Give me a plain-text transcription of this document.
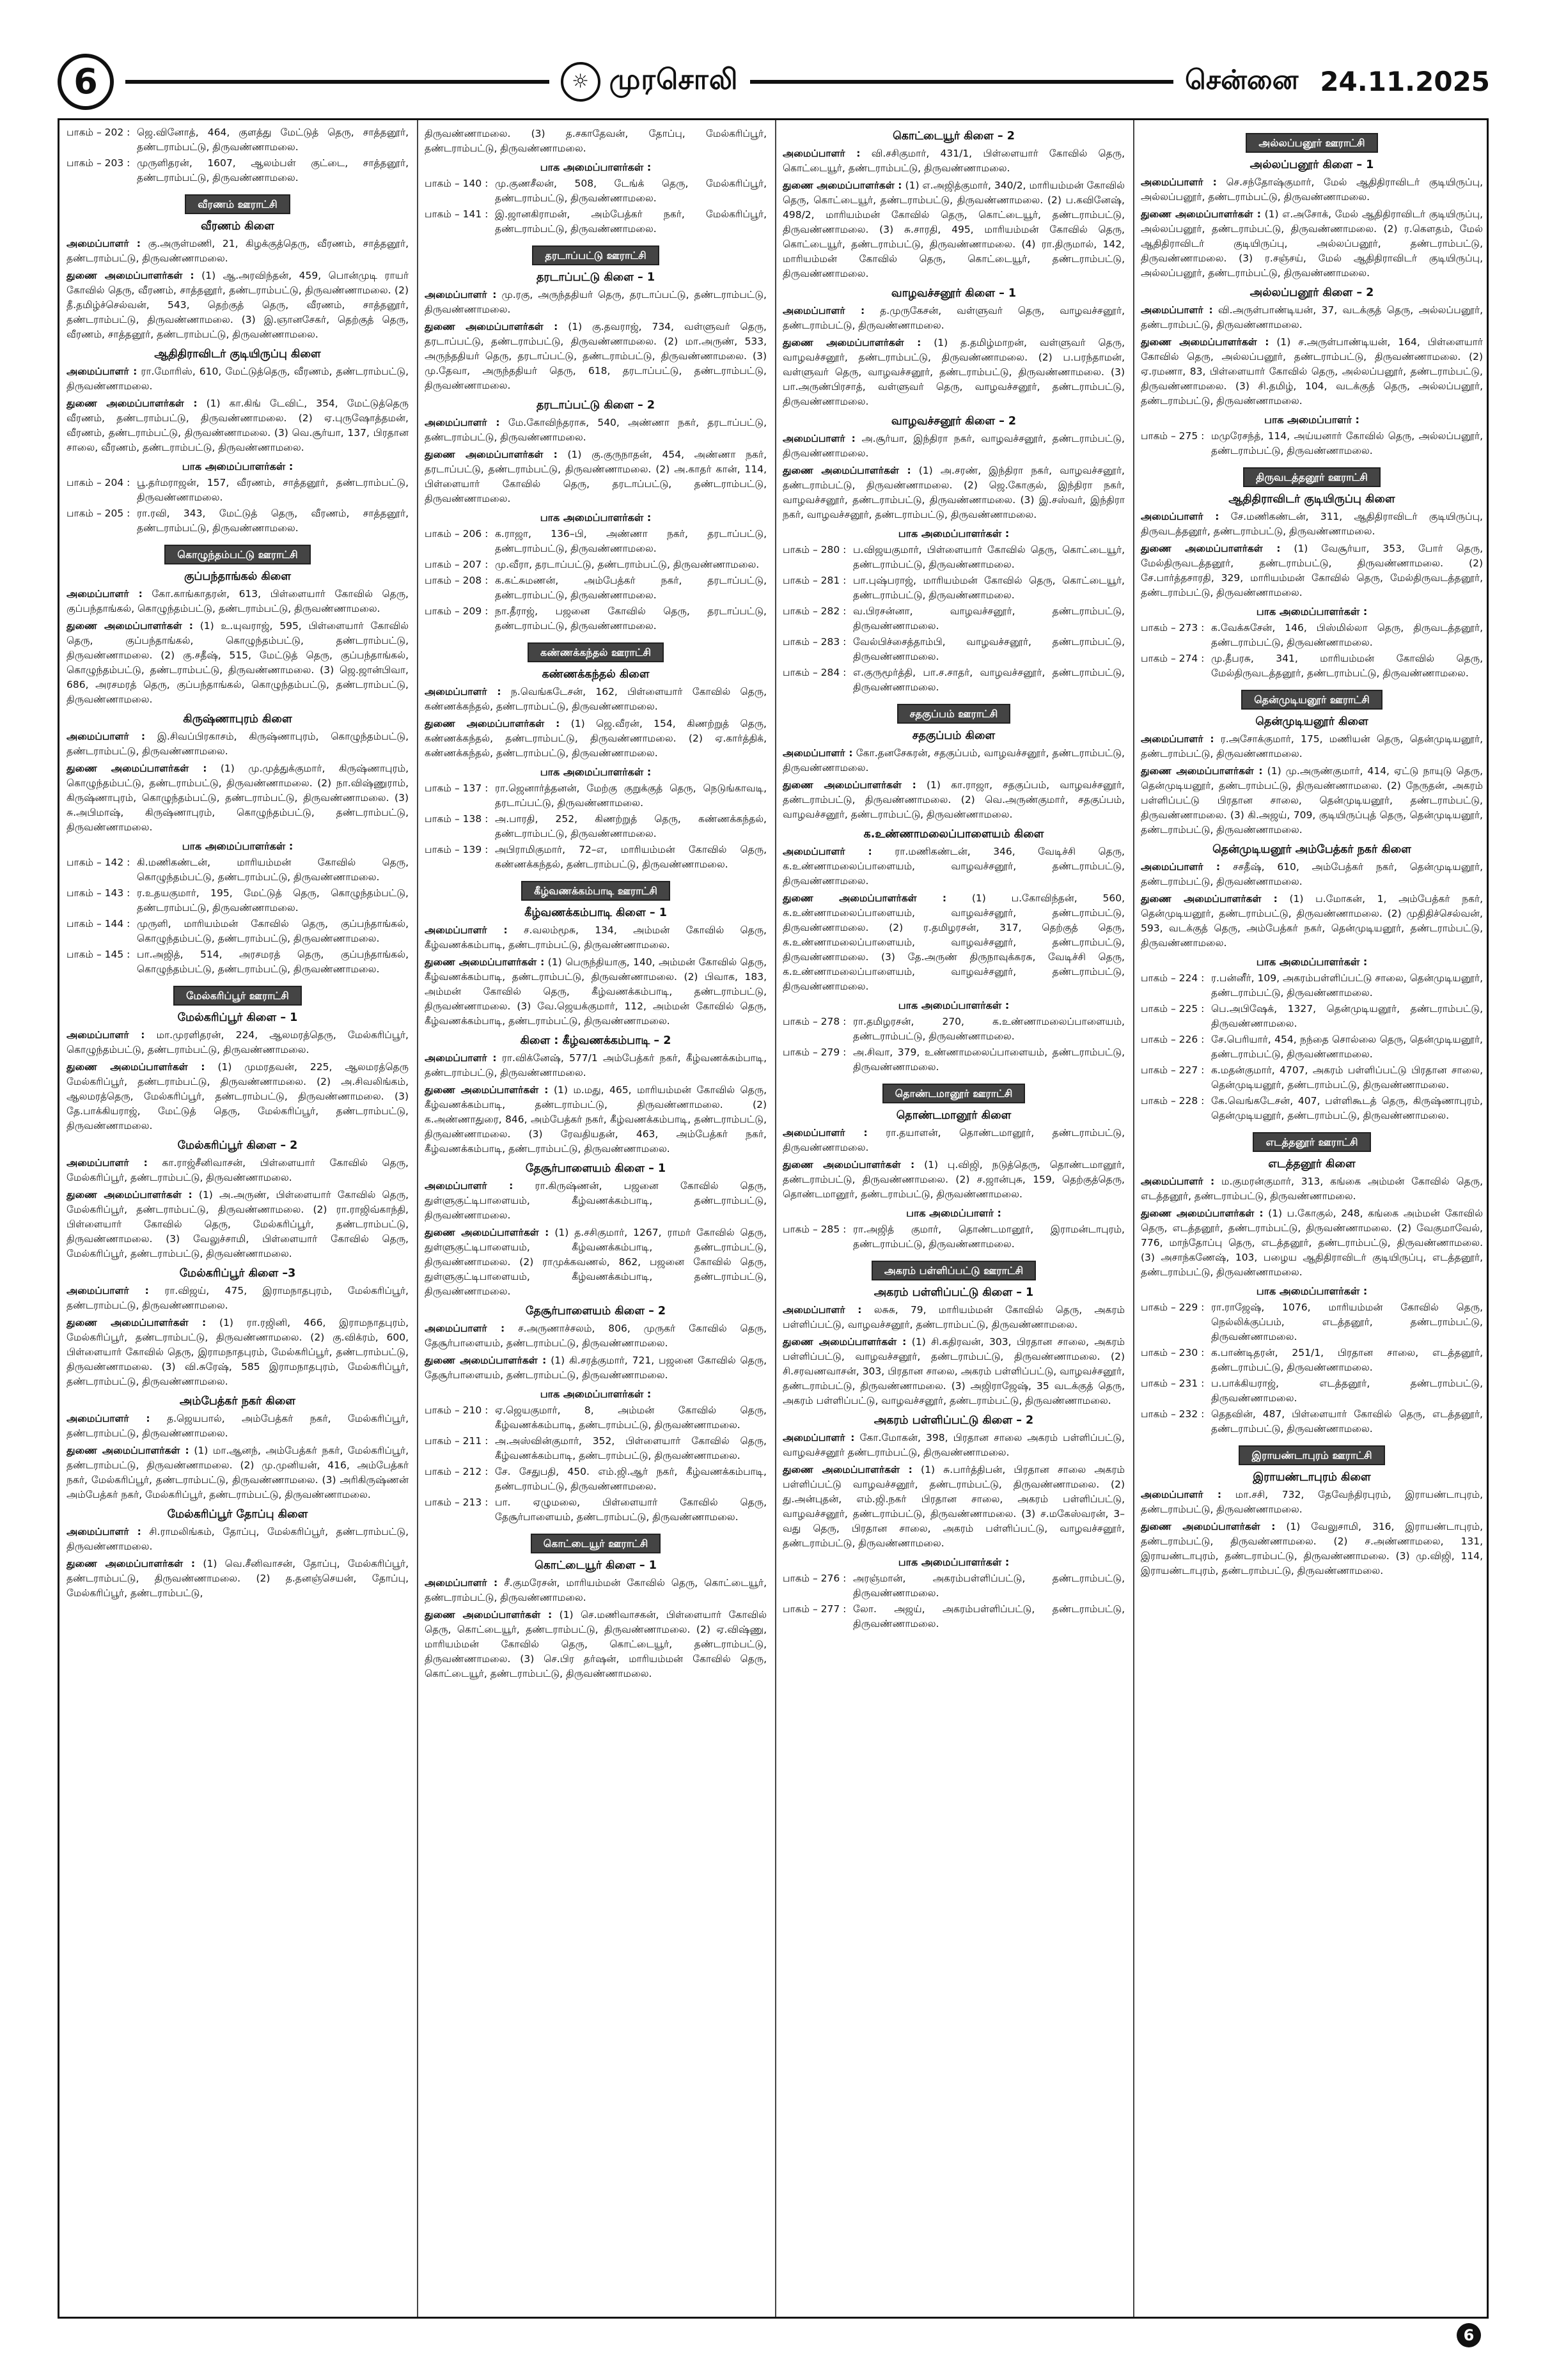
6	☼ முரசொலி	சென்னை 24.11.2025
பாகம் – 202 : ஜெ.வினோத், 464, குளத்து மேட்டுத் தெரு, சாத்தனூர், தண்டராம்பட்டு, திருவண்ணாமலை.
பாகம் – 203 : முருளிதரன், 1607, ஆலம்பள் குட்டை, சாத்தனூர், தண்டராம்பட்டு, திருவண்ணாமலை.
வீரணம் ஊராட்சி
வீரணம் கிளை
அமைப்பாளர் : கு.அருள்மணி, 21, கிழக்குத்தெரு, வீரணம், சாத்தனூர், தண்டராம்பட்டு, திருவண்ணாமலை.
துணை அமைப்பாளர்கள் : (1) ஆ.அரவிந்தன், 459, பொன்முடி ராயர் கோவில் தெரு, வீரணம், சாத்தனூர், தண்டராம்பட்டு, திருவண்ணாமலை. (2) தீ.தமிழ்ச்செல்வன், 543, தெற்குத் தெரு, வீரணம், சாத்தனூர், தண்டராம்பட்டு, திருவண்ணாமலை. (3) இ.ஞானசேகர், தெற்குத் தெரு, வீரணம், சாத்தனூர், தண்டராம்பட்டு, திருவண்ணாமலை.
ஆதிதிராவிடர் குடியிருப்பு கிளை
அமைப்பாளர் : ரா.மோரிஸ், 610, மேட்டுத்தெரு, வீரணம், தண்டராம்பட்டு, திருவண்ணாமலை.
துணை அமைப்பாளர்கள் : (1) கா.கிங் டேவிட், 354, மேட்டுத்தெரு வீரணம், தண்டராம்பட்டு, திருவண்ணாமலை. (2) ஏ.புருஷோத்தமன், வீரணம், தண்டராம்பட்டு, திருவண்ணாமலை. (3) வெ.சூர்யா, 137, பிரதான சாலை, வீரணம், தண்டராம்பட்டு, திருவண்ணாமலை.
பாக அமைப்பாளர்கள் :
பாகம் – 204 : பூ.தர்மராஜன், 157, வீரணம், சாத்தனூர், தண்டராம்பட்டு, திருவண்ணாமலை.
பாகம் – 205 : ரா.ரவி, 343, மேட்டுத் தெரு, வீரணம், சாத்தனூர், தண்டராம்பட்டு, திருவண்ணாமலை.
கொழுந்தம்பட்டு ஊராட்சி
குப்பந்தாங்கல் கிளை
அமைப்பாளர் : கோ.காங்காதரன், 613, பிள்ளையார் கோவில் தெரு, குப்பந்தாங்கல், கொழுந்தம்பட்டு, தண்டராம்பட்டு, திருவண்ணாமலை.
துணை அமைப்பாளர்கள் : (1) உ.யுவராஜ், 595, பிள்ளையார் கோவில் தெரு, குப்பந்தாங்கல், கொழுந்தம்பட்டு, தண்டராம்பட்டு, திருவண்ணாமலை. (2) கு.சதீஷ், 515, மேட்டுத் தெரு, குப்பந்தாங்கல், கொழுந்தம்பட்டு, தண்டராம்பட்டு, திருவண்ணாமலை. (3) ஜெ.ஜான்பிவா, 686, அரசமரத் தெரு, குப்பந்தாங்கல், கொழுந்தம்பட்டு, தண்டராம்பட்டு, திருவண்ணாமலை.
கிருஷ்ணாபுரம் கிளை
அமைப்பாளர் : இ.சிவப்பிரகாசம், கிருஷ்ணாபுரம், கொழுந்தம்பட்டு, தண்டராம்பட்டு, திருவண்ணாமலை.
துணை அமைப்பாளர்கள் : (1) மு.முத்துக்குமார், கிருஷ்ணாபுரம், கொழுந்தம்பட்டு, தண்டராம்பட்டு, திருவண்ணாமலை. (2) நா.விஷ்ணுராம், கிருஷ்ணாபுரம், கொழுந்தம்பட்டு, தண்டராம்பட்டு, திருவண்ணாமலை. (3) சு.அபிமாஷ், கிருஷ்ணாபுரம், கொழுந்தம்பட்டு, தண்டராம்பட்டு, திருவண்ணாமலை.
பாக அமைப்பாளர்கள் :
பாகம் – 142 : கி.மணிகண்டன், மாரியம்மன் கோவில் தெரு, கொழுந்தம்பட்டு, தண்டராம்பட்டு, திருவண்ணாமலை.
பாகம் – 143 : ர.உதயகுமார், 195, மேட்டுத் தெரு, கொழுந்தம்பட்டு, தண்டராம்பட்டு, திருவண்ணாமலை.
பாகம் – 144 : முருளி, மாரியம்மன் கோவில் தெரு, குப்பந்தாங்கல், கொழுந்தம்பட்டு, தண்டராம்பட்டு, திருவண்ணாமலை.
பாகம் – 145 : பா.அஜித், 514, அரசமரத் தெரு, குப்பந்தாங்கல், கொழுந்தம்பட்டு, தண்டராம்பட்டு, திருவண்ணாமலை.
மேல்கரிப்பூர் ஊராட்சி
மேல்கரிப்பூர் கிளை – 1
அமைப்பாளர் : மா.முரளிதரன், 224, ஆலமரத்தெரு, மேல்கரிப்பூர், கொழுந்தம்பட்டு, தண்டராம்பட்டு, திருவண்ணாமலை.
துணை அமைப்பாளர்கள் : (1) முமரதவன், 225, ஆலமரத்தெரு மேல்கரிப்பூர், தண்டராம்பட்டு, திருவண்ணாமலை. (2) அ.சிவலிங்கம், ஆலமரத்தெரு, மேல்கரிப்பூர், தண்டராம்பட்டு, திருவண்ணாமலை. (3) தே.பாக்கியராஜ், மேட்டுத் தெரு, மேல்கரிப்பூர், தண்டராம்பட்டு, திருவண்ணாமலை.
மேல்கரிப்பூர் கிளை – 2
அமைப்பாளர் : கா.ராஜ்சீனிவாசன், பிள்ளையார் கோவில் தெரு, மேல்கரிப்பூர், தண்டராம்பட்டு, திருவண்ணாமலை.
துணை அமைப்பாளர்கள் : (1) அ.அருண், பிள்ளையார் கோவில் தெரு, மேல்கரிப்பூர், தண்டராம்பட்டு, திருவண்ணாமலை. (2) ரா.ராஜிவ்காந்தி, பிள்ளையார் கோவில் தெரு, மேல்கரிப்பூர், தண்டராம்பட்டு, திருவண்ணாமலை. (3) வேலுச்சாமி, பிள்ளையார் கோவில் தெரு, மேல்கரிப்பூர், தண்டராம்பட்டு, திருவண்ணாமலை.
மேல்கரிப்பூர் கிளை –3
அமைப்பாளர் : ரா.விஜய், 475, இராமநாதபுரம், மேல்கரிப்பூர், தண்டராம்பட்டு, திருவண்ணாமலை.
துணை அமைப்பாளர்கள் : (1) ரா.ரஜினி, 466, இராமநாதபுரம், மேல்கரிப்பூர், தண்டராம்பட்டு, திருவண்ணாமலை. (2) கு.விக்ரம், 600, பிள்ளையார் கோவில் தெரு, இராமநாதபுரம், மேல்கரிப்பூர், தண்டராம்பட்டு, திருவண்ணாமலை. (3) வி.சுரேஷ், 585 இராமநாதபுரம், மேல்கரிப்பூர், தண்டராம்பட்டு, திருவண்ணாமலை.
அம்பேத்கர் நகர் கிளை
அமைப்பாளர் : த.ஜெயபால், அம்பேத்கர் நகர், மேல்கரிப்பூர், தண்டராம்பட்டு, திருவண்ணாமலை.
துணை அமைப்பாளர்கள் : (1) மா.ஆனந், அம்பேத்கர் நகர், மேல்கரிப்பூர், தண்டராம்பட்டு, திருவண்ணாமலை. (2) மு.முனியன், 416, அம்பேத்கர் நகர், மேல்கரிப்பூர், தண்டராம்பட்டு, திருவண்ணாமலை. (3) அரிகிருஷ்ணன் அம்பேத்கர் நகர், மேல்கரிப்பூர், தண்டராம்பட்டு, திருவண்ணாமலை.
மேல்கரிப்பூர் தோப்பு கிளை
அமைப்பாளர் : சி.ராமலிங்கம், தோப்பு, மேல்கரிப்பூர், தண்டராம்பட்டு, திருவண்ணாமலை.
துணை அமைப்பாளர்கள் : (1) வெ.சீனிவாசன், தோப்பு, மேல்கரிப்பூர், தண்டராம்பட்டு, திருவண்ணாமலை. (2) த.தனஞ்செயன், தோப்பு, மேல்கரிப்பூர், தண்டராம்பட்டு,
திருவண்ணாமலை. (3) த.சகாதேவன், தோப்பு, மேல்கரிப்பூர், தண்டராம்பட்டு, திருவண்ணாமலை.
பாக அமைப்பாளர்கள் :
பாகம் – 140 : மு.குணசீலன், 508, டேங்க் தெரு, மேல்கரிப்பூர், தண்டராம்பட்டு, திருவண்ணாமலை.
பாகம் – 141 : இ.ஜானகிராமன், அம்பேத்கர் நகர், மேல்கரிப்பூர், தண்டராம்பட்டு, திருவண்ணாமலை.
தரடாப்பட்டு ஊராட்சி
தரடாப்பட்டு கிளை – 1
அமைப்பாளர் : மு.ரகு, அருந்ததியர் தெரு, தரடாப்பட்டு, தண்டராம்பட்டு, திருவண்ணாமலை.
துணை அமைப்பாளர்கள் : (1) கு.தவராஜ், 734, வள்ளுவர் தெரு, தரடாப்பட்டு, தண்டராம்பட்டு, திருவண்ணாமலை. (2) மா.அருண், 533, அருந்ததியர் தெரு, தரடாப்பட்டு, தண்டராம்பட்டு, திருவண்ணாமலை. (3) மு.தேவா, அருந்ததியர் தெரு, 618, தரடாப்பட்டு, தண்டராம்பட்டு, திருவண்ணாமலை.
தரடாப்பட்டு கிளை – 2
அமைப்பாளர் : மே.கோவிந்தராசு, 540, அண்ணா நகர், தரடாப்பட்டு, தண்டராம்பட்டு, திருவண்ணாமலை.
துணை அமைப்பாளர்கள் : (1) கு.குருநாதன், 454, அண்ணா நகர், தரடாப்பட்டு, தண்டராம்பட்டு, திருவண்ணாமலை. (2) அ.காதர் கான், 114, பிள்ளையார் கோவில் தெரு, தரடாப்பட்டு, தண்டராம்பட்டு, திருவண்ணாமலை.
பாக அமைப்பாளர்கள் :
பாகம் – 206 : க.ராஜா, 136–பி, அண்ணா நகர், தரடாப்பட்டு, தண்டராம்பட்டு, திருவண்ணாமலை.
பாகம் – 207 : மு.வீரா, தரடாப்பட்டு, தண்டராம்பட்டு, திருவண்ணாமலை.
பாகம் – 208 : க.கட்சுமணன், அம்பேத்கர் நகர், தரடாப்பட்டு, தண்டராம்பட்டு, திருவண்ணாமலை.
பாகம் – 209 : நா.தீராஜ், பஜனை கோவில் தெரு, தரடாப்பட்டு, தண்டராம்பட்டு, திருவண்ணாமலை.
கண்ணக்கந்தல் ஊராட்சி
கண்ணக்கந்தல் கிளை
அமைப்பாளர் : ந.வெங்கடேசன், 162, பிள்ளையார் கோவில் தெரு, கண்ணக்கந்தல், தண்டராம்பட்டு, திருவண்ணாமலை.
துணை அமைப்பாளர்கள் : (1) ஜெ.வீரன், 154, கிணற்றுத் தெரு, கண்ணக்கந்தல், தண்டராம்பட்டு, திருவண்ணாமலை. (2) ஏ.கார்த்திக், கண்ணக்கந்தல், தண்டராம்பட்டு, திருவண்ணாமலை.
பாக அமைப்பாளர்கள் :
பாகம் – 137 : ரா.ஜெனார்த்தனன், மேற்கு குறுக்குத் தெரு, நெடுங்காவடி, தரடாப்பட்டு, திருவண்ணாமலை.
பாகம் – 138 : அ.பாரதி, 252, கிணற்றுத் தெரு, கண்ணக்கந்தல், தண்டராம்பட்டு, திருவண்ணாமலை.
பாகம் – 139 : அபிராமிகுமார், 72–எ, மாரியம்மன் கோவில் தெரு, கண்ணக்கந்தல், தண்டராம்பட்டு, திருவண்ணாமலை.
கீழ்வணக்கம்பாடி ஊராட்சி
கீழ்வணக்கம்பாடி கிளை – 1
அமைப்பாளர் : ச.வலம்மூசு, 134, அம்மன் கோவில் தெரு, கீழ்வணக்கம்பாடி, தண்டராம்பட்டு, திருவண்ணாமலை.
துணை அமைப்பாளர்கள் : (1) பெருந்தியாகு, 140, அம்மன் கோவில் தெரு, கீழ்வணக்கம்பாடி, தண்டராம்பட்டு, திருவண்ணாமலை. (2) பிவாக, 183, அம்மன் கோவில் தெரு, கீழ்வணக்கம்பாடி, தண்டராம்பட்டு, திருவண்ணாமலை. (3) வே.ஜெயக்குமார், 112, அம்மன் கோவில் தெரு, கீழ்வணக்கம்பாடி, தண்டராம்பட்டு, திருவண்ணாமலை.
கிளை : கீழ்வணக்கம்பாடி – 2
அமைப்பாளர் : ரா.விக்னேஷ், 577/1 அம்பேத்கர் நகர், கீழ்வணக்கம்பாடி, தண்டராம்பட்டு, திருவண்ணாமலை.
துணை அமைப்பாளர்கள் : (1) ம.மது, 465, மாரியம்மன் கோவில் தெரு, கீழ்வணக்கம்பாடி, தண்டராம்பட்டு, திருவண்ணாமலை. (2) க.அண்ணாதுரை, 846, அம்பேத்கர் நகர், கீழ்வணக்கம்பாடி, தண்டராம்பட்டு, திருவண்ணாமலை. (3) ரேவதியதன், 463, அம்பேத்கர் நகர், கீழ்வணக்கம்பாடி, தண்டராம்பட்டு, திருவண்ணாமலை.
தேசூர்பாளையம் கிளை – 1
அமைப்பாளர் : ரா.கிருஷ்ணன், பஜனை கோவில் தெரு, துள்ளுகுட்டிபாளையம், கீழ்வணக்கம்பாடி, தண்டராம்பட்டு, திருவண்ணாமலை.
துணை அமைப்பாளர்கள் : (1) த.சசிகுமார், 1267, ராமர் கோவில் தெரு, துள்ளுகுட்டிபாளையம், கீழ்வணக்கம்பாடி, தண்டராம்பட்டு, திருவண்ணாமலை. (2) ராமுக்கவணல், 862, பஜனை கோவில் தெரு, துள்ளுகுட்டிபாளையம், கீழ்வணக்கம்பாடி, தண்டராம்பட்டு, திருவண்ணாமலை.
தேசூர்பாளையம் கிளை – 2
அமைப்பாளர் : ச.அருணாச்சலம், 806, முருகர் கோவில் தெரு, தேசூர்பாளையம், தண்டராம்பட்டு, திருவண்ணாமலை.
துணை அமைப்பாளர்கள் : (1) கி.சரத்குமார், 721, பஜனை கோவில் தெரு, தேசூர்பாளையம், தண்டராம்பட்டு, திருவண்ணாமலை.
பாக அமைப்பாளர்கள் :
பாகம் – 210 : ஏ.ஜெயகுமார், 8, அம்மன் கோவில் தெரு, கீழ்வணக்கம்பாடி, தண்டராம்பட்டு, திருவண்ணாமலை.
பாகம் – 211 : அ.அஸ்வின்குமார், 352, பிள்ளையார் கோவில் தெரு, கீழ்வணக்கம்பாடி, தண்டராம்பட்டு, திருவண்ணாமலை.
பாகம் – 212 : சே. சேதுபதி, 450. எம்.ஜி.ஆர் நகர், கீழ்வணக்கம்பாடி, தண்டராம்பட்டு, திருவண்ணாமலை.
பாகம் – 213 : பா. ஏழுமலை, பிள்ளையார் கோவில் தெரு, தேசூர்பாளையம், தண்டராம்பட்டு, திருவண்ணாமலை.
கொட்டையூர் ஊராட்சி
கொட்டையூர் கிளை – 1
அமைப்பாளர் : சீ.குமரேசன், மாரியம்மன் கோவில் தெரு, கொட்டையூர், தண்டராம்பட்டு, திருவண்ணாமலை.
துணை அமைப்பாளர்கள் : (1) செ.மணிவாசகன், பிள்ளையார் கோவில் தெரு, கொட்டையூர், தண்டராம்பட்டு, திருவண்ணாமலை. (2) ஏ.விஷ்ணு, மாரியம்மன் கோவில் தெரு, கொட்டையூர், தண்டராம்பட்டு, திருவண்ணாமலை. (3) செ.பிர தர்ஷன், மாரியம்மன் கோவில் தெரு, கொட்டையூர், தண்டராம்பட்டு, திருவண்ணாமலை.
கொட்டையூர் கிளை – 2
அமைப்பாளர் : வி.சசிகுமார், 431/1, பிள்ளையார் கோவில் தெரு, கொட்டையூர், தண்டராம்பட்டு, திருவண்ணாமலை.
துணை அமைப்பாளர்கள் : (1) எ.அஜித்குமார், 340/2, மாரியம்மன் கோவில் தெரு, கொட்டையூர், தண்டராம்பட்டு, திருவண்ணாமலை. (2) ப.கவினேஷ், 498/2, மாரியம்மன் கோவில் தெரு, கொட்டையூர், தண்டராம்பட்டு, திருவண்ணாமலை. (3) சு.சாரதி, 495, மாரியம்மன் கோவில் தெரு, கொட்டையூர், தண்டராம்பட்டு, திருவண்ணாமலை. (4) ரா.திருமால், 142, மாரியம்மன் கோவில் தெரு, கொட்டையூர், தண்டராம்பட்டு, திருவண்ணாமலை.
வாழவச்சனூர் கிளை – 1
அமைப்பாளர் : த.முருகேசன், வள்ளுவர் தெரு, வாழவச்சனூர், தண்டராம்பட்டு, திருவண்ணாமலை.
துணை அமைப்பாளர்கள் : (1) த.தமிழ்மாறன், வள்ளுவர் தெரு, வாழவச்சனூர், தண்டராம்பட்டு, திருவண்ணாமலை. (2) ப.பரந்தாமன், வள்ளுவர் தெரு, வாழவச்சனூர், தண்டராம்பட்டு, திருவண்ணாமலை. (3) பா.அருண்பிரசாத், வள்ளுவர் தெரு, வாழவச்சனூர், தண்டராம்பட்டு, திருவண்ணாமலை.
வாழவச்சனூர் கிளை – 2
அமைப்பாளர் : அ.சூர்யா, இந்திரா நகர், வாழவச்சனூர், தண்டராம்பட்டு, திருவண்ணாமலை.
துணை அமைப்பாளர்கள் : (1) அ.சரண், இந்திரா நகர், வாழவச்சனூர், தண்டராம்பட்டு, திருவண்ணாமலை. (2) ஜெ.கோகுல், இந்திரா நகர், வாழவச்சனூர், தண்டராம்பட்டு, திருவண்ணாமலை. (3) இ.சஸ்வர், இந்திரா நகர், வாழவச்சனூர், தண்டராம்பட்டு, திருவண்ணாமலை.
பாக அமைப்பாளர்கள் :
பாகம் – 280 : ப.விஜயகுமார், பிள்ளையார் கோவில் தெரு, கொட்டையூர், தண்டராம்பட்டு, திருவண்ணாமலை.
பாகம் – 281 : பா.புஷ்பராஜ், மாரியம்மன் கோவில் தெரு, கொட்டையூர், தண்டராம்பட்டு, திருவண்ணாமலை.
பாகம் – 282 : வ.பிரசன்னா, வாழவச்சனூர், தண்டராம்பட்டு, திருவண்ணாமலை.
பாகம் – 283 : வேல்பிச்சைத்தாம்பி, வாழவச்சனூர், தண்டராம்பட்டு, திருவண்ணாமலை.
பாகம் – 284 : எ.குருமூர்த்தி, பா.ச.சாதர், வாழவச்சனூர், தண்டராம்பட்டு, திருவண்ணாமலை.
சதகுப்பம் ஊராட்சி
சதகுப்பம் கிளை
அமைப்பாளர் : கோ.தனசேகரன், சதகுப்பம், வாழவச்சனூர், தண்டராம்பட்டு, திருவண்ணாமலை.
துணை அமைப்பாளர்கள் : (1) கா.ராஜா, சதகுப்பம், வாழவச்சனூர், தண்டராம்பட்டு, திருவண்ணாமலை. (2) வெ.அருண்குமார், சதகுப்பம், வாழவச்சனூர், தண்டராம்பட்டு, திருவண்ணாமலை.
க.உண்ணாமலைப்பாளையம் கிளை
அமைப்பாளர் : ரா.மணிகண்டன், 346, வேடிச்சி தெரு, க.உண்ணாமலைப்பாளையம், வாழவச்சனூர், தண்டராம்பட்டு, திருவண்ணாமலை.
துணை அமைப்பாளர்கள் :	(1) ப.கோவிந்தன், 560, க.உண்ணாமலைப்பாளையம், வாழவச்சனூர், தண்டராம்பட்டு, திருவண்ணாமலை. (2) ர.தமிழரசன், 317, தெற்குத் தெரு, க.உண்ணாமலைப்பாளையம், வாழவச்சனூர், தண்டராம்பட்டு, திருவண்ணாமலை. (3) தே.அருண் திருநாவுக்கரசு, வேடிச்சி தெரு, க.உண்ணாமலைப்பாளையம், வாழவச்சனூர், தண்டராம்பட்டு, திருவண்ணாமலை.
பாக அமைப்பாளர்கள் :
பாகம் – 278 : ரா.தமிழரசன், 270, க.உண்ணாமலைப்பாளையம், தண்டராம்பட்டு, திருவண்ணாமலை.
பாகம் – 279 : அ.சிவா, 379, உண்ணாமலைப்பாளையம், தண்டராம்பட்டு, திருவண்ணாமலை.
தொண்டமானூர் ஊராட்சி
தொண்டமானூர் கிளை
அமைப்பாளர் : ரா.தயாளன், தொண்டமானூர், தண்டராம்பட்டு, திருவண்ணாமலை.
துணை அமைப்பாளர்கள் : (1) பு.விஜி, நடுத்தெரு, தொண்டமானூர், தண்டராம்பட்டு, திருவண்ணாமலை. (2) ச.ஜான்புசு, 159, தெற்குத்தெரு, தொண்டமானூர், தண்டராம்பட்டு, திருவண்ணாமலை.
பாக அமைப்பாளர் :
பாகம் – 285 : ரா.அஜித் குமார், தொண்டமானூர், இராமன்டாபுரம், தண்டராம்பட்டு, திருவண்ணாமலை.
அகரம் பள்ளிப்பட்டு ஊராட்சி
அகரம் பள்ளிப்பட்டு கிளை – 1
அமைப்பாளர் : லசுசு, 79, மாரியம்மன் கோவில் தெரு, அகரம் பள்ளிப்பட்டு, வாழவச்சனூர், தண்டராம்பட்டு, திருவண்ணாமலை.
துணை அமைப்பாளர்கள் : (1) சி.கதிரவன், 303, பிரதான சாலை, அகரம் பள்ளிப்பட்டு, வாழவச்சனூர், தண்டராம்பட்டு, திருவண்ணாமலை. (2) சி.சரவணவாசன், 303, பிரதான சாலை, அகரம் பள்ளிப்பட்டு, வாழவச்சனூர், தண்டராம்பட்டு, திருவண்ணாமலை. (3) அஜிராஜேஷ், 35 வடக்குத் தெரு, அகரம் பள்ளிப்பட்டு, வாழவச்சனூர், தண்டராம்பட்டு, திருவண்ணாமலை.
அகரம் பள்ளிப்பட்டு கிளை – 2
அமைப்பாளர் : கோ.மோகன், 398, பிரதான சாலை அகரம் பள்ளிப்பட்டு, வாழவச்சனூர் தண்டராம்பட்டு, திருவண்ணாமலை.
துணை அமைப்பாளர்கள் : (1) சு.பார்த்திபன், பிரதான சாலை அகரம் பள்ளிப்பட்டு வாழவச்சனூர், தண்டராம்பட்டு, திருவண்ணாமலை. (2) து.அன்புதன், எம்.ஜி.நகர் பிரதான சாலை, அகரம் பள்ளிப்பட்டு, வாழவச்சனூர், தண்டராம்பட்டு, திருவண்ணாமலை. (3) ச.மகேஸ்வரன், 3–வது தெரு, பிரதான சாலை, அகரம் பள்ளிப்பட்டு, வாழவச்சனூர், தண்டராம்பட்டு, திருவண்ணாமலை.
பாக அமைப்பாளர்கள் :
பாகம் – 276 : அரஞ்மான், அகரம்பள்ளிப்பட்டு, தண்டராம்பட்டு, திருவண்ணாமலை.
பாகம் – 277 : லோ. அஜய், அகரம்பள்ளிப்பட்டு, தண்டராம்பட்டு, திருவண்ணாமலை.
அல்லப்பனூர் ஊராட்சி
அல்லப்பனூர் கிளை – 1
அமைப்பாளர் : செ.சந்தோஷ்குமார், மேல் ஆதிதிராவிடர் குடியிருப்பு, அல்லப்பனூர், தண்டராம்பட்டு, திருவண்ணாமலை.
துணை அமைப்பாளர்கள் : (1) எ.அசோக், மேல் ஆதிதிராவிடர் குடியிருப்பு, அல்லப்பனூர், தண்டராம்பட்டு, திருவண்ணாமலை. (2) ர.கௌதம், மேல் ஆதிதிராவிடர் குடியிருப்பு, அல்லப்பனூர், தண்டராம்பட்டு, திருவண்ணாமலை. (3) ர.சஞ்சய், மேல் ஆதிதிராவிடர் குடியிருப்பு, அல்லப்பனூர், தண்டராம்பட்டு, திருவண்ணாமலை.
அல்லப்பனூர் கிளை – 2
அமைப்பாளர் : வி.அருள்பாண்டியன், 37, வடக்குத் தெரு, அல்லப்பனூர், தண்டராம்பட்டு, திருவண்ணாமலை.
துணை அமைப்பாளர்கள் : (1) ச.அருள்பாண்டியன், 164, பிள்ளையார் கோவில் தெரு, அல்லப்பனூர், தண்டராம்பட்டு, திருவண்ணாமலை. (2) ஏ.ரமணா, 83, பிள்ளையார் கோவில் தெரு, அல்லப்பனூர், தண்டராம்பட்டு, திருவண்ணாமலை. (3) சி.தமிழ், 104, வடக்குத் தெரு, அல்லப்பனூர், தண்டராம்பட்டு, திருவண்ணாமலை.
பாக அமைப்பாளர் :
பாகம் – 275 : மமுரேசந்த், 114, அய்யனார் கோவில் தெரு, அல்லப்பனூர், தண்டராம்பட்டு, திருவண்ணாமலை.
திருவடத்தனூர் ஊராட்சி
ஆதிதிராவிடர் குடியிருப்பு கிளை
அமைப்பாளர் : சே.மணிகண்டன், 311, ஆதிதிராவிடர் குடியிருப்பு, திருவடத்தனூர், தண்டராம்பட்டு, திருவண்ணாமலை.
துணை அமைப்பாளர்கள் : (1) வேசூர்யா, 353, போர் தெரு, மேல்திருவடத்தனூர், தண்டராம்பட்டு, திருவண்ணாமலை. (2) சே.பார்த்தசாரதி, 329, மாரியம்மன் கோவில் தெரு, மேல்திருவடத்தனூர், தண்டராம்பட்டு, திருவண்ணாமலை.
பாக அமைப்பாளர்கள் :
பாகம் – 273 : க.வேக்சுசேன், 146, பிஸ்மில்லா தெரு, திருவடத்தனூர், தண்டராம்பட்டு, திருவண்ணாமலை.
பாகம் – 274 : மு.தீபரசு, 341, மாரியம்மன் கோவில் தெரு, மேல்திருவடத்தனூர், தண்டராம்பட்டு, திருவண்ணாமலை.
தென்முடியனூர் ஊராட்சி
தென்முடியனூர் கிளை
அமைப்பாளர் : ர.அசோக்குமார், 175, மணியன் தெரு, தென்முடியனூர், தண்டராம்பட்டு, திருவண்ணாமலை.
துணை அமைப்பாளர்கள் : (1) மு.அருண்குமார், 414, ஏட்டு நாயுடு தெரு, தென்முடியனூர், தண்டராம்பட்டு, திருவண்ணாமலை. (2) நேருதன், அகரம் பள்ளிப்பட்டு பிரதான சாலை, தென்முடியனூர், தண்டராம்பட்டு, திருவண்ணாமலை. (3) கி.அஜய், 709, குடியிருப்புத் தெரு, தென்முடியனூர், தண்டராம்பட்டு, திருவண்ணாமலை.
தென்முடியனூர் அம்பேத்கர் நகர் கிளை
அமைப்பாளர் : சசதீஷ், 610, அம்பேத்கர் நகர், தென்முடியனூர், தண்டராம்பட்டு, திருவண்ணாமலை.
துணை அமைப்பாளர்கள் : (1) ப.மோகன், 1, அம்பேத்கர் நகர், தென்முடியனூர், தண்டராம்பட்டு, திருவண்ணாமலை. (2) முதிதிச்செல்வன், 593, வடக்குத் தெரு, அம்பேத்கர் நகர், தென்முடியனூர், தண்டராம்பட்டு, திருவண்ணாமலை.
பாக அமைப்பாளர்கள் :
பாகம் – 224 : ர.பன்னீர், 109, அகரம்பள்ளிப்பட்டு சாலை, தென்முடியனூர், தண்டராம்பட்டு, திருவண்ணாமலை.
பாகம் – 225 : பெ.அபிஷேக், 1327, தென்முடியனூர், தண்டராம்பட்டு, திருவண்ணாமலை.
பாகம் – 226 : சே.பெரியார், 454, நந்தை சொல்லை தெரு, தென்முடியனூர், தண்டராம்பட்டு, திருவண்ணாமலை.
பாகம் – 227 : க.மதன்குமார், 4707, அகரம் பள்ளிப்பட்டு பிரதான சாலை, தென்முடியனூர், தண்டராம்பட்டு, திருவண்ணாமலை.
பாகம் – 228 : கே.வெங்கடேசன், 407, பள்ளிகூடத் தெரு, கிருஷ்ணாபுரம், தென்முடியனூர், தண்டராம்பட்டு, திருவண்ணாமலை.
எடத்தனூர் ஊராட்சி
எடத்தனூர் கிளை
அமைப்பாளர் : ம.குமரன்குமார், 313, கங்கை அம்மன் கோவில் தெரு, எடத்தனூர், தண்டராம்பட்டு, திருவண்ணாமலை.
துணை அமைப்பாளர்கள் : (1) ப.கோகுல், 248, கங்கை அம்மன் கோவில் தெரு, எடத்தனூர், தண்டராம்பட்டு, திருவண்ணாமலை. (2) வேகுமாவேல், 776, மாந்தோப்பு தெரு, எடத்தனூர், தண்டராம்பட்டு, திருவண்ணாமலை. (3) அசாந்கணேஷ், 103, பழைய ஆதிதிராவிடர் குடியிருப்பு, எடத்தனூர், தண்டராம்பட்டு, திருவண்ணாமலை.
பாக அமைப்பாளர்கள் :
பாகம் – 229 : ரா.ராஜேஷ், 1076, மாரியம்மன் கோவில் தெரு, நெல்லிக்குப்பம், எடத்தனூர், தண்டராம்பட்டு, திருவண்ணாமலை.
பாகம் – 230 : க.பாண்டிதரன், 251/1, பிரதான சாலை, எடத்தனூர், தண்டராம்பட்டு, திருவண்ணாமலை.
பாகம் – 231 : ப.பாக்கியராஜ், எடத்தனூர், தண்டராம்பட்டு, திருவண்ணாமலை.
பாகம் – 232 : தெதவின், 487, பிள்ளையார் கோவில் தெரு, எடத்தனூர், தண்டராம்பட்டு, திருவண்ணாமலை.
இராயண்டாபுரம் ஊராட்சி
இராயண்டாபுரம் கிளை
அமைப்பாளர் : மா.சசி, 732, தேவேந்திரபுரம், இராயண்டாபுரம், தண்டராம்பட்டு, திருவண்ணாமலை.
துணை அமைப்பாளர்கள் : (1) வேலுசாமி, 316, இராயண்டாபுரம், தண்டராம்பட்டு, திருவண்ணாமலை. (2) ச.அண்ணாமலை, 131, இராயண்டாபுரம், தண்டராம்பட்டு, திருவண்ணாமலை. (3) மு.விஜி, 114, இராயண்டாபுரம், தண்டராம்பட்டு, திருவண்ணாமலை.
6
